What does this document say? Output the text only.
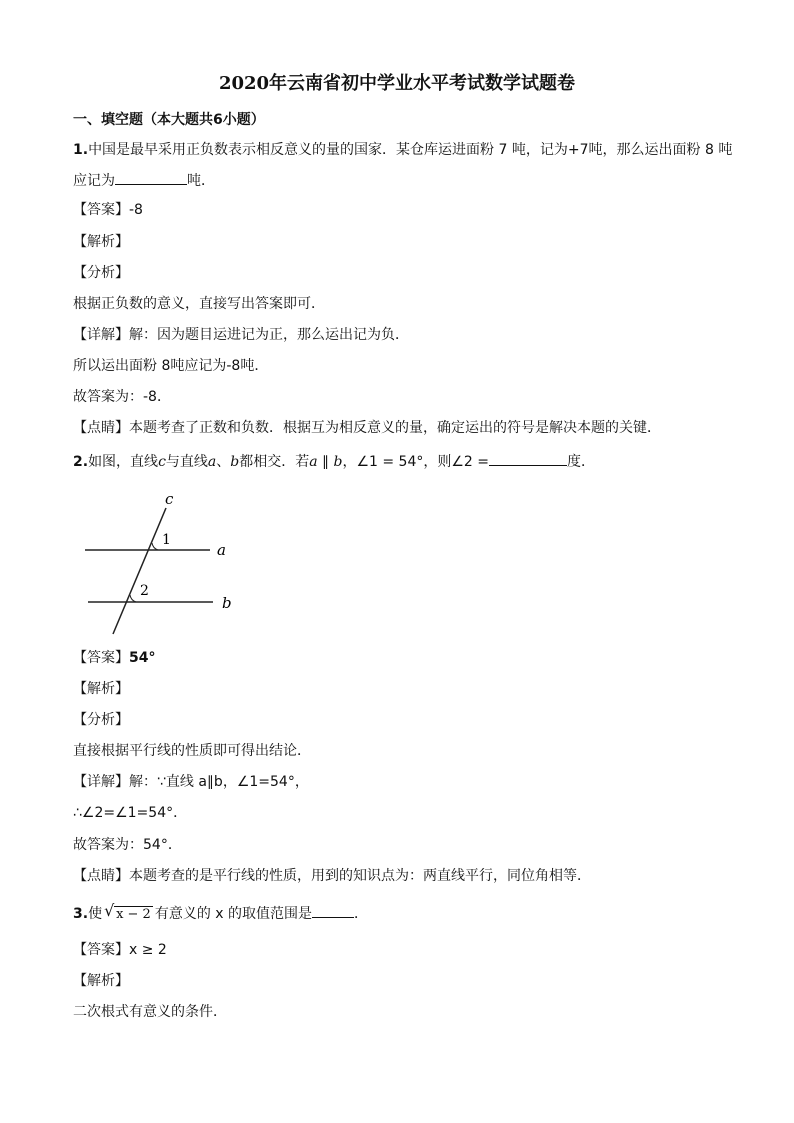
2020年云南省初中学业水平考试数学试题卷
一、填空题（本大题共6小题）
1.中国是最早采用正负数表示相反意义的量的国家．某仓库运进面粉 7 吨，记为+7吨，那么运出面粉 8 吨
应记为	吨．
【答案】-8
【解析】
【分析】
根据正负数的意义，直接写出答案即可．
【详解】解：因为题目运进记为正，那么运出记为负．
所以运出面粉 8吨应记为-8吨．
故答案为：-8．
【点睛】本题考查了正数和负数．根据互为相反意义的量，确定运出的符号是解决本题的关键．
2.如图，直线c与直线a、b都相交．若a ∥ b，∠1 = 54°，则∠2 =	度．
c
a
b
1
2
【答案】54°
【解析】
【分析】
直接根据平行线的性质即可得出结论．
【详解】解：∵直线 a∥b，∠1=54°，
∴∠2=∠1=54°．
故答案为：54°．
【点睛】本题考查的是平行线的性质，用到的知识点为：两直线平行，同位角相等．
3.使 √ x − 2 有意义的 x 的取值范围是	．
【答案】x ≥ 2
【解析】
二次根式有意义的条件．
